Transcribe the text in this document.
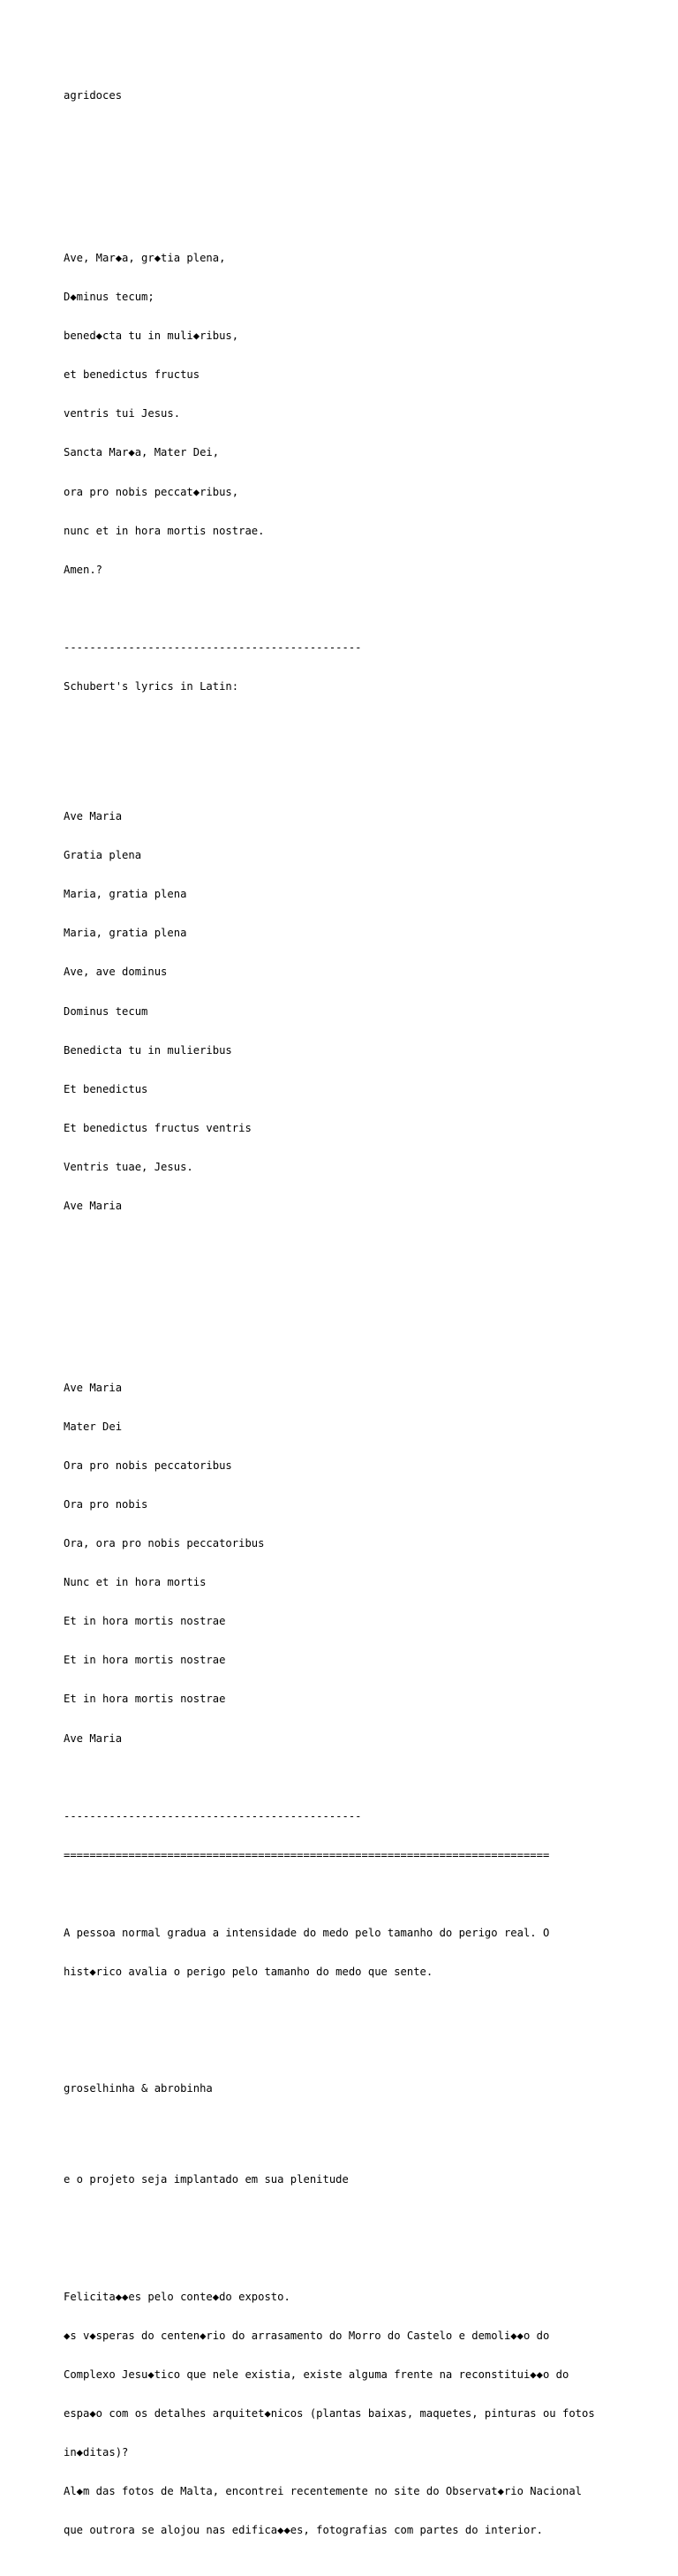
agridoces

Ave, Mar◆a, gr◆tia plena,

D◆minus tecum;

bened◆cta tu in muli◆ribus,

et benedictus fructus

ventris tui Jesus.

Sancta Mar◆a, Mater Dei,

ora pro nobis peccat◆ribus,

nunc et in hora mortis nostrae.

Amen.?

----------------------------------------------

Schubert's lyrics in Latin:

Ave Maria

Gratia plena

Maria, gratia plena

Maria, gratia plena

Ave, ave dominus

Dominus tecum

Benedicta tu in mulieribus

Et benedictus

Et benedictus fructus ventris

Ventris tuae, Jesus.

Ave Maria

Ave Maria

Mater Dei

Ora pro nobis peccatoribus

Ora pro nobis

Ora, ora pro nobis peccatoribus

Nunc et in hora mortis

Et in hora mortis nostrae

Et in hora mortis nostrae

Et in hora mortis nostrae

Ave Maria

----------------------------------------------

===========================================================================

A pessoa normal gradua a intensidade do medo pelo tamanho do perigo real. O

hist◆rico avalia o perigo pelo tamanho do medo que sente.

groselhinha & abrobinha

e o projeto seja implantado em sua plenitude

Felicita◆◆es pelo conte◆do exposto.

◆s v◆speras do centen◆rio do arrasamento do Morro do Castelo e demoli◆◆o do

Complexo Jesu◆tico que nele existia, existe alguma frente na reconstitui◆◆o do

espa◆o com os detalhes arquitet◆nicos (plantas baixas, maquetes, pinturas ou fotos

in◆ditas)?

Al◆m das fotos de Malta, encontrei recentemente no site do Observat◆rio Nacional

que outrora se alojou nas edifica◆◆es, fotografias com partes do interior.
